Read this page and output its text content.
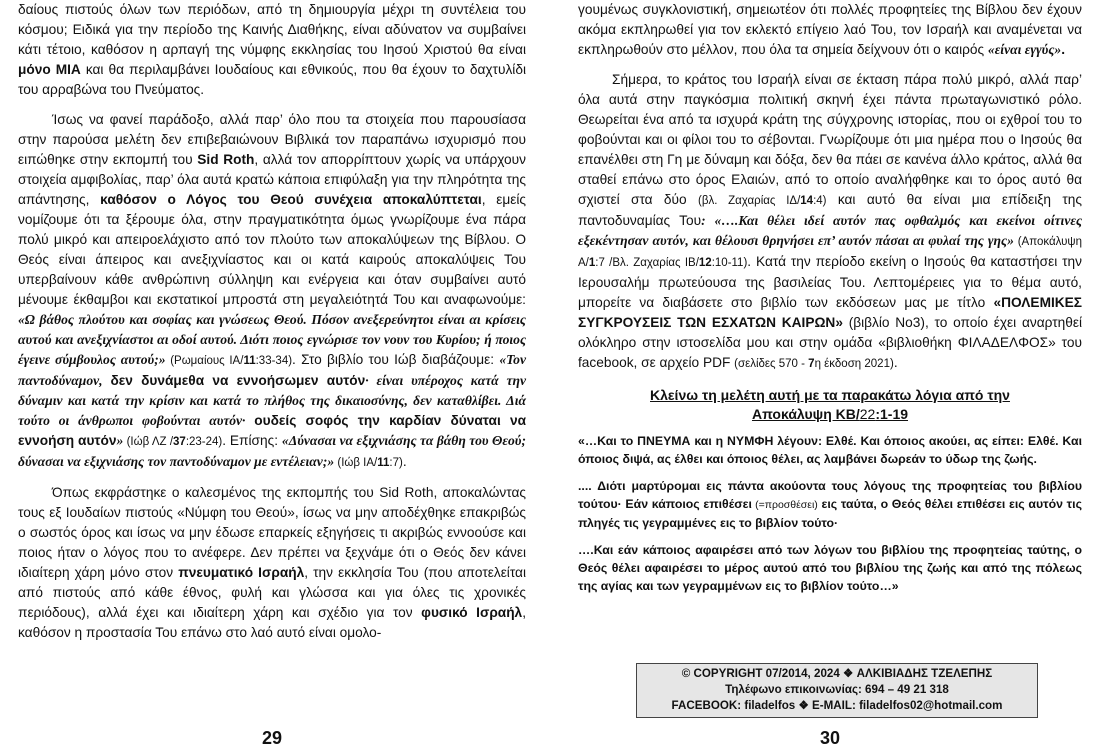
δαίους πιστούς όλων των περιόδων, από τη δημιουργία μέχρι τη συντέλεια του κόσμου; Ειδικά για την περίοδο της Καινής Διαθήκης, είναι αδύνατον να συμβαίνει κάτι τέτοιο, καθόσον η αρπαγή της νύμφης εκκλησίας του Ιησού Χριστού θα είναι μόνο ΜΙΑ και θα περιλαμβάνει Ιουδαίους και εθνικούς, που θα έχουν το δαχτυλίδι του αρραβώνα του Πνεύματος.

Ίσως να φανεί παράδοξο, αλλά παρ’ όλο που τα στοιχεία που παρουσίασα στην παρούσα μελέτη δεν επιβεβαιώνουν Βιβλικά τον παραπάνω ισχυρισμό που ειπώθηκε στην εκπομπή του Sid Roth, αλλά τον απορρίπτουν χωρίς να υπάρχουν στοιχεία αμφιβολίας, παρ’ όλα αυτά κρατώ κάποια επιφύλαξη για την πληρότητα της απάντησης, καθόσον ο Λόγος του Θεού συνέχεια αποκαλύπτεται, εμείς νομίζουμε ότι τα ξέρουμε όλα, στην πραγματικότητα όμως γνωρίζουμε ένα πάρα πολύ μικρό και απειροελάχιστο από τον πλούτο των αποκαλύψεων της Βίβλου. Ο Θεός είναι άπειρος και ανεξιχνίαστος και οι κατά καιρούς αποκαλύψεις Του υπερβαίνουν κάθε ανθρώπινη σύλληψη και ενέργεια και όταν συμβαίνει αυτό μένουμε έκθαμβοι και εκστατικοί μπροστά στη μεγαλειότητά Του και αναφωνούμε: «Ω βάθος πλούτου και σοφίας και γνώσεως Θεού. Πόσον ανεξερεύνητοι είναι αι κρίσεις αυτού και ανεξιχνίαστοι αι οδοί αυτού. Διότι ποιος εγνώρισε τον νουν του Κυρίου; ή ποιος έγεινε σύμβουλος αυτού;» (Ρωμαίους ΙΑ/11:33-34). Στο βιβλίο του Ιώβ διαβάζουμε: «Τον παντοδύναμον, δεν δυνάμεθα να εννοήσωμεν αυτόν· είναι υπέροχος κατά την δύναμιν και κατά την κρίσιν και κατά το πλήθος της δικαιοσύνης, δεν καταθλίβει. Διά τούτο οι άνθρωποι φοβούνται αυτόν· ουδείς σοφός την καρδίαν δύναται να εννοήση αυτόν» (Ιώβ ΛΖ /37:23-24). Επίσης: «Δύνασαι να εξιχνιάσης τα βάθη του Θεού; δύνασαι να εξιχνιάσης τον παντοδύναμον με εντέλειαν;» (Ιώβ ΙΑ/11:7).

Όπως εκφράστηκε ο καλεσμένος της εκπομπής του Sid Roth, αποκαλώντας τους εξ Ιουδαίων πιστούς «Νύμφη του Θεού», ίσως να μην αποδέχθηκε επακριβώς ο σωστός όρος και ίσως να μην έδωσε επαρκείς εξηγήσεις τι ακριβώς εννοούσε και ποιος ήταν ο λόγος που το ανέφερε. Δεν πρέπει να ξεχνάμε ότι ο Θεός δεν κάνει ιδιαίτερη χάρη μόνο στον πνευματικό Ισραήλ, την εκκλησία Του (που αποτελείται από πιστούς από κάθε έθνος, φυλή και γλώσσα και για όλες τις χρονικές περιόδους), αλλά έχει και ιδιαίτερη χάρη και σχέδιο για τον φυσικό Ισραήλ, καθόσον η προστασία Του επάνω στο λαό αυτό είναι ομολο-

29

γουμένως συγκλονιστική, σημειωτέον ότι πολλές προφητείες της Βίβλου δεν έχουν ακόμα εκπληρωθεί για τον εκλεκτό επίγειο λαό Του, τον Ισραήλ και αναμένεται να εκπληρωθούν στο μέλλον, που όλα τα σημεία δείχνουν ότι ο καιρός «είναι εγγύς».

Σήμερα, το κράτος του Ισραήλ είναι σε έκταση πάρα πολύ μικρό, αλλά παρ’ όλα αυτά στην παγκόσμια πολιτική σκηνή έχει πάντα πρωταγωνιστικό ρόλο. Θεωρείται ένα από τα ισχυρά κράτη της σύγχρονης ιστορίας, που οι εχθροί του το φοβούνται και οι φίλοι του το σέβονται. Γνωρίζουμε ότι μια ημέρα που ο Ιησούς θα επανέλθει στη Γη με δύναμη και δόξα, δεν θα πάει σε κανένα άλλο κράτος, αλλά θα σταθεί επάνω στο όρος Ελαιών, από το οποίο αναλήφθηκε και το όρος αυτό θα σχιστεί στα δύο (βλ. Ζαχαρίας ΙΔ/14:4) και αυτό θα είναι μια επίδειξη της παντοδυναμίας Του: «….Και θέλει ιδεί αυτόν πας οφθαλμός και εκείνοι οίτινες εξεκέντησαν αυτόν, και θέλουσι θρηνήσει επ’ αυτόν πάσαι αι φυλαί της γης» (Αποκάλυψη Α/1:7 /Βλ. Ζαχαρίας ΙΒ/12:10-11). Κατά την περίοδο εκείνη ο Ιησούς θα καταστήσει την Ιερουσαλήμ πρωτεύουσα της βασιλείας Του. Λεπτομέρειες για το θέμα αυτό, μπορείτε να διαβάσετε στο βιβλίο των εκδόσεων μας με τίτλο «ΠΟΛΕΜΙΚΕΣ ΣΥΓΚΡΟΥΣΕΙΣ ΤΩΝ ΕΣΧΑΤΩΝ ΚΑΙΡΩΝ» (βιβλίο Νο3), το οποίο έχει αναρτηθεί ολόκληρο στην ιστοσελίδα μου και στην ομάδα «βιβλιοθήκη ΦΙΛΑΔΕΛΦΟΣ» του facebook, σε αρχείο PDF (σελίδες 570 - 7η έκδοση 2021).

Κλείνω τη μελέτη αυτή με τα παρακάτω λόγια από την
Αποκάλυψη ΚΒ/22:1-19

«…Και το ΠΝΕΥΜΑ και η ΝΥΜΦΗ λέγουν: Ελθέ. Και όποιος ακούει, ας είπει: Ελθέ. Και όποιος διψά, ας έλθει και όποιος θέλει, ας λαμβάνει δωρεάν το ύδωρ της ζωής.

.... Διότι μαρτύρομαι εις πάντα ακούοντα τους λόγους της προφητείας του βιβλίου τούτου· Εάν κάποιος επιθέσει (=προσθέσει) εις ταύτα, ο Θεός θέλει επιθέσει εις αυτόν τις πληγές τις γεγραμμένες εις το βιβλίον τούτο·

….Και εάν κάποιος αφαιρέσει από των λόγων του βιβλίου της προφητείας ταύτης, ο Θεός θέλει αφαιρέσει το μέρος αυτού από του βιβλίου της ζωής και από της πόλεως της αγίας και των γεγραμμένων εις το βιβλίον τούτο…»

© COPYRIGHT 07/2014, 2024 ❖ ΑΛΚΙΒΙΑΔΗΣ ΤΖΕΛΕΠΗΣ
Τηλέφωνο επικοινωνίας: 694 – 49 21 318
FACEBOOK: filadelfos ❖ E-MAIL: filadelfos02@hotmail.com
30
